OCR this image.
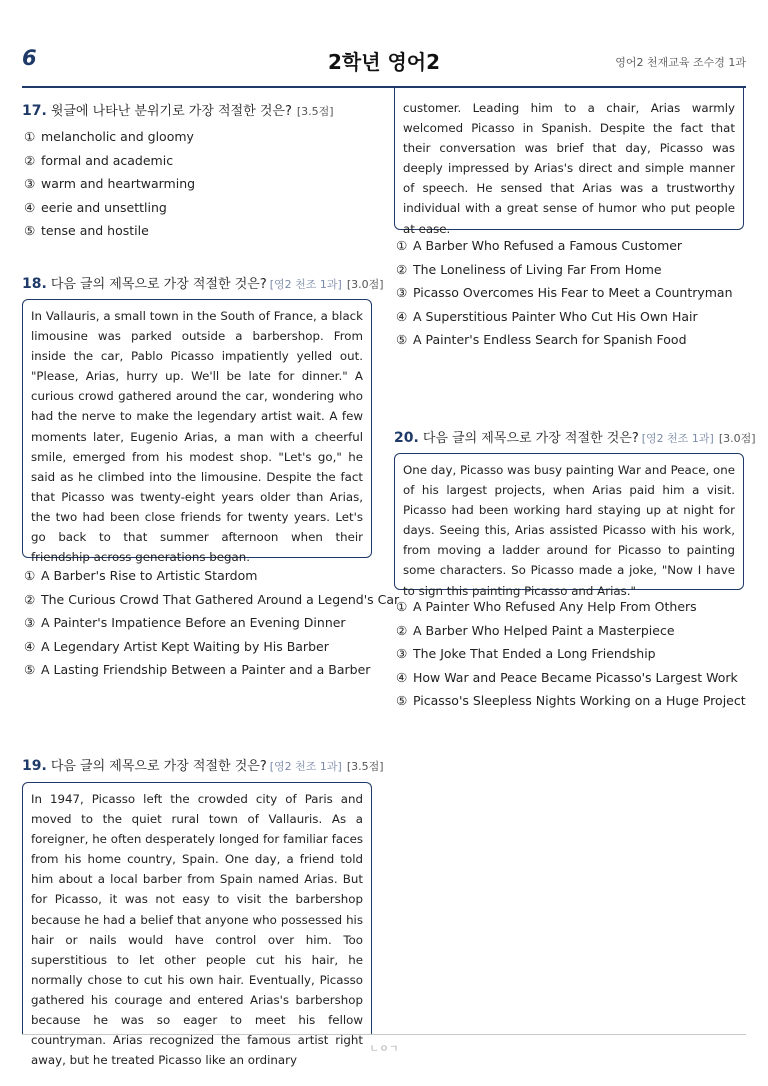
6	2학년 영어2	영어2 천재교육 조수경 1과
17. 윗글에 나타난 분위기로 가장 적절한 것은? [3.5점]
① melancholic and gloomy
② formal and academic
③ warm and heartwarming
④ eerie and unsettling
⑤ tense and hostile
18. 다음 글의 제목으로 가장 적절한 것은? [영2 천조 1과] [3.0점]
In Vallauris, a small town in the South of France, a black limousine was parked outside a barbershop. From inside the car, Pablo Picasso impatiently yelled out. "Please, Arias, hurry up. We'll be late for dinner." A curious crowd gathered around the car, wondering who had the nerve to make the legendary artist wait. A few moments later, Eugenio Arias, a man with a cheerful smile, emerged from his modest shop. "Let's go," he said as he climbed into the limousine. Despite the fact that Picasso was twenty-eight years older than Arias, the two had been close friends for twenty years. Let's go back to that summer afternoon when their friendship across generations began.
① A Barber's Rise to Artistic Stardom
② The Curious Crowd That Gathered Around a Legend's Car
③ A Painter's Impatience Before an Evening Dinner
④ A Legendary Artist Kept Waiting by His Barber
⑤ A Lasting Friendship Between a Painter and a Barber
19. 다음 글의 제목으로 가장 적절한 것은? [영2 천조 1과] [3.5점]
In 1947, Picasso left the crowded city of Paris and moved to the quiet rural town of Vallauris. As a foreigner, he often desperately longed for familiar faces from his home country, Spain. One day, a friend told him about a local barber from Spain named Arias. But for Picasso, it was not easy to visit the barbershop because he had a belief that anyone who possessed his hair or nails would have control over him. Too superstitious to let other people cut his hair, he normally chose to cut his own hair. Eventually, Picasso gathered his courage and entered Arias's barbershop because he was so eager to meet his fellow countryman. Arias recognized the famous artist right away, but he treated Picasso like an ordinary
customer. Leading him to a chair, Arias warmly welcomed Picasso in Spanish. Despite the fact that their conversation was brief that day, Picasso was deeply impressed by Arias's direct and simple manner of speech. He sensed that Arias was a trustworthy individual with a great sense of humor who put people at ease.
① A Barber Who Refused a Famous Customer
② The Loneliness of Living Far From Home
③ Picasso Overcomes His Fear to Meet a Countryman
④ A Superstitious Painter Who Cut His Own Hair
⑤ A Painter's Endless Search for Spanish Food
20. 다음 글의 제목으로 가장 적절한 것은? [영2 천조 1과] [3.0점]
One day, Picasso was busy painting War and Peace, one of his largest projects, when Arias paid him a visit. Picasso had been working hard staying up at night for days. Seeing this, Arias assisted Picasso with his work, from moving a ladder around for Picasso to painting some characters. So Picasso made a joke, "Now I have to sign this painting Picasso and Arias."
① A Painter Who Refused Any Help From Others
② A Barber Who Helped Paint a Masterpiece
③ The Joke That Ended a Long Friendship
④ How War and Peace Became Picasso's Largest Work
⑤ Picasso's Sleepless Nights Working on a Huge Project
ㄴㅇㄱ
